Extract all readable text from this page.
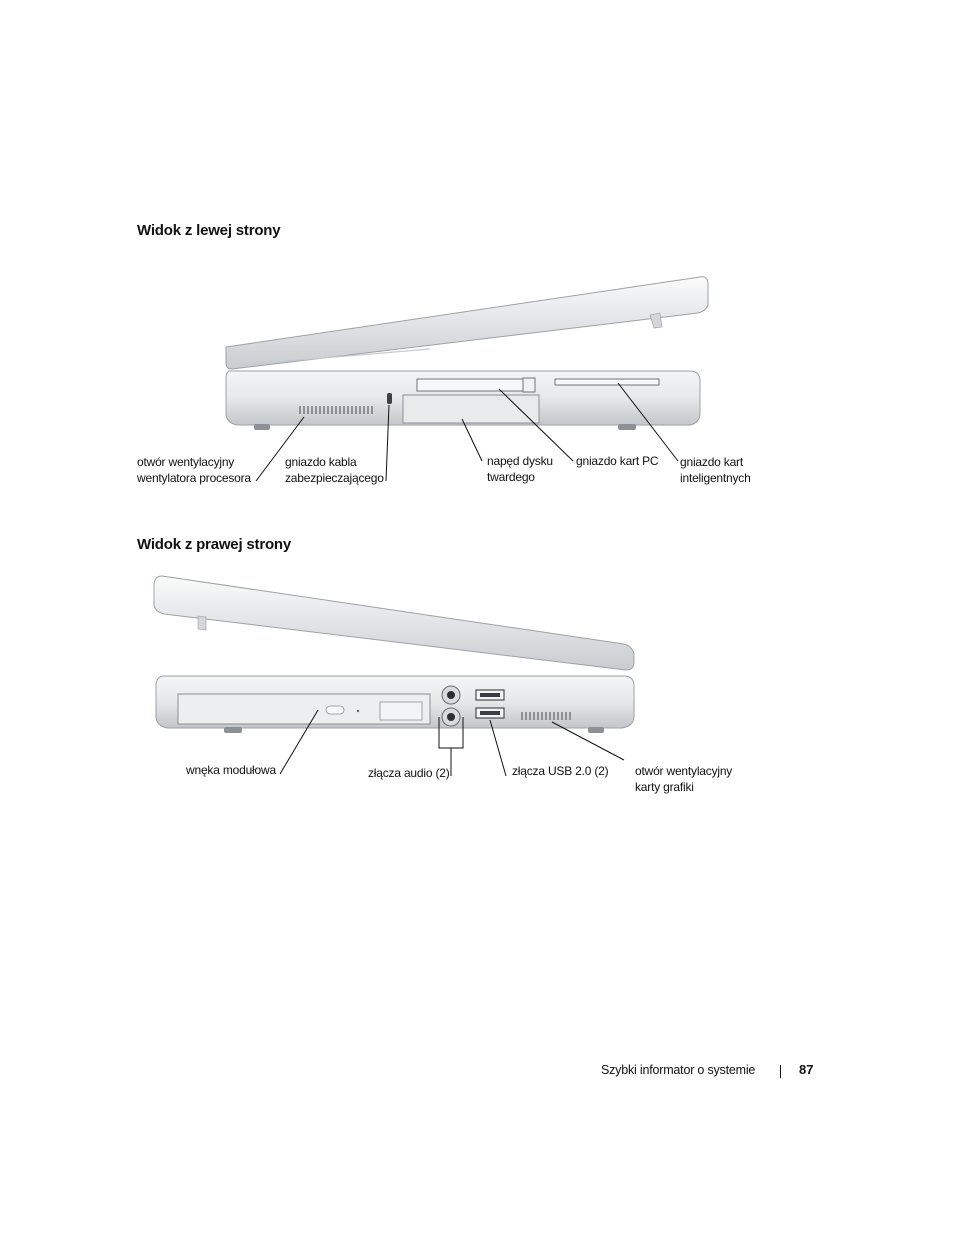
Widok z lewej strony
otwór wentylacyjny
wentylatora procesora
gniazdo kabla
zabezpieczającego
napęd dysku
twardego
gniazdo kart PC gniazdo kart
inteligentnych
Widok z prawej strony
wnęka modułowa	złącza audio (2)	złącza USB 2.0 (2) otwór wentylacyjny
karty grafiki
Szybki informator o systemie	87
